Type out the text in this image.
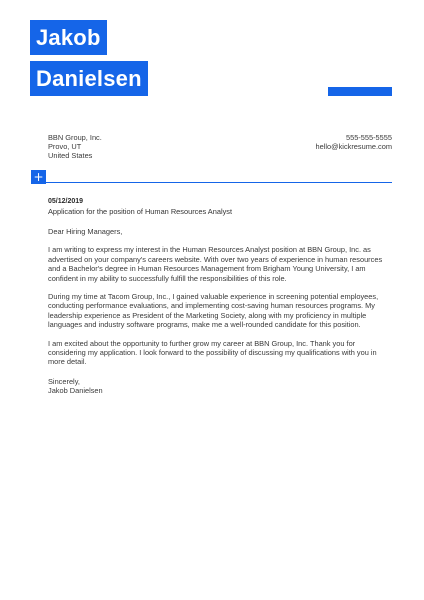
Jakob
Danielsen
BBN Group, Inc.
Provo, UT
United States
555-555-5555
hello@kickresume.com
+
05/12/2019
Application for the position of Human Resources Analyst
Dear Hiring Managers,
I am writing to express my interest in the Human Resources Analyst position at BBN Group, Inc. as advertised on your company's careers website. With over two years of experience in human resources and a Bachelor's degree in Human Resources Management from Brigham Young University, I am confident in my ability to successfully fulfill the responsibilities of this role.
During my time at Tacom Group, Inc., I gained valuable experience in screening potential employees, conducting performance evaluations, and implementing cost-saving human resources programs. My leadership experience as President of the Marketing Society, along with my proficiency in multiple languages and industry software programs, make me a well-rounded candidate for this position.
I am excited about the opportunity to further grow my career at BBN Group, Inc. Thank you for considering my application. I look forward to the possibility of discussing my qualifications with you in more detail.
Sincerely,
Jakob Danielsen
